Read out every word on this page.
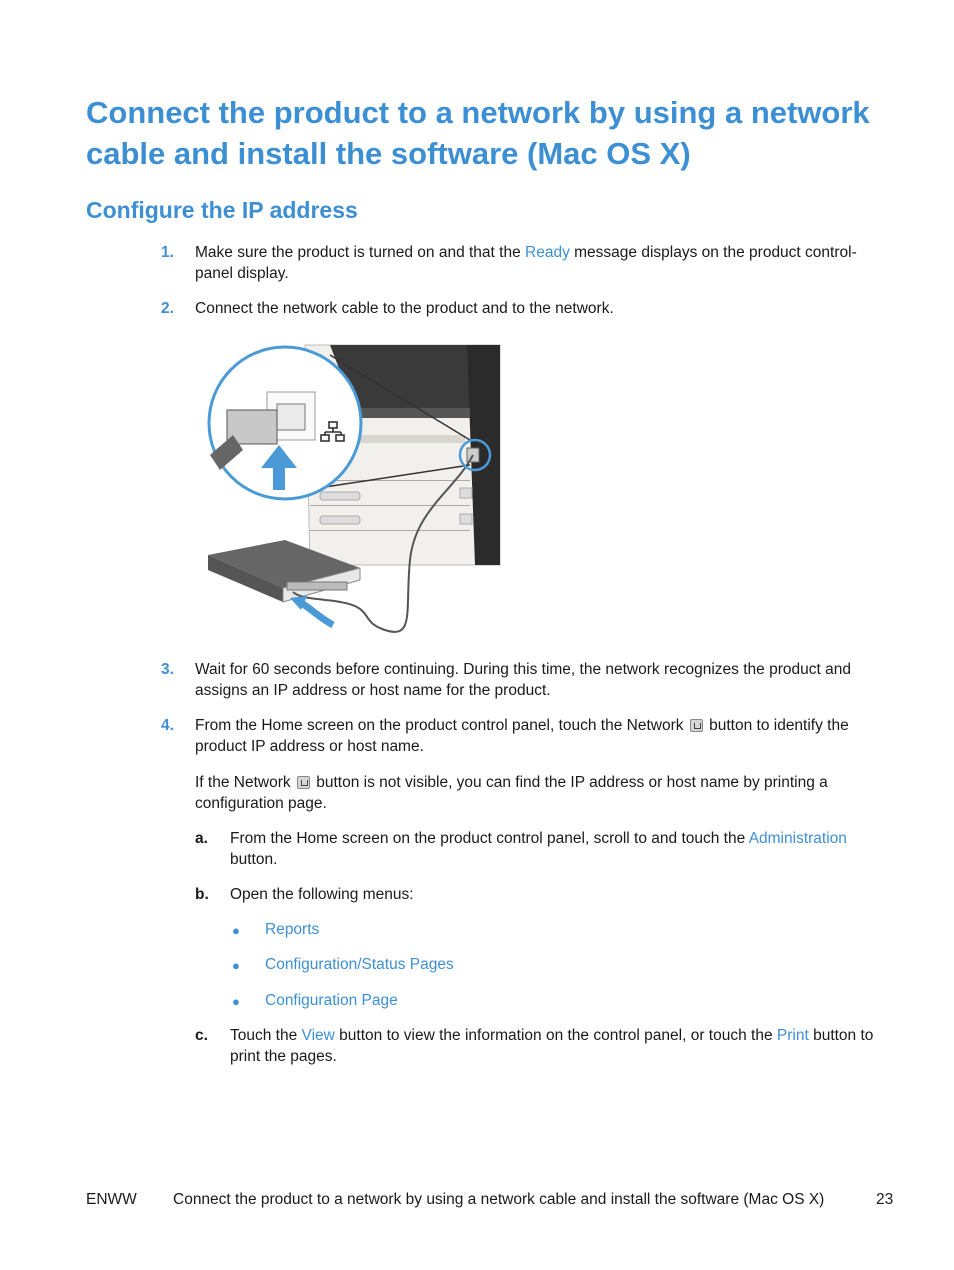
Connect the product to a network by using a network cable and install the software (Mac OS X)
Configure the IP address
1. Make sure the product is turned on and that the Ready message displays on the product control-panel display.
2. Connect the network cable to the product and to the network.
3. Wait for 60 seconds before continuing. During this time, the network recognizes the product and assigns an IP address or host name for the product.
4. From the Home screen on the product control panel, touch the Network  button to identify the product IP address or host name.
If the Network  button is not visible, you can find the IP address or host name by printing a configuration page.
a. From the Home screen on the product control panel, scroll to and touch the Administration button.
b. Open the following menus:
● Reports
● Configuration/Status Pages
● Configuration Page
c. Touch the View button to view the information on the control panel, or touch the Print button to print the pages.
ENWW Connect the product to a network by using a network cable and install the software (Mac OS X)	23
